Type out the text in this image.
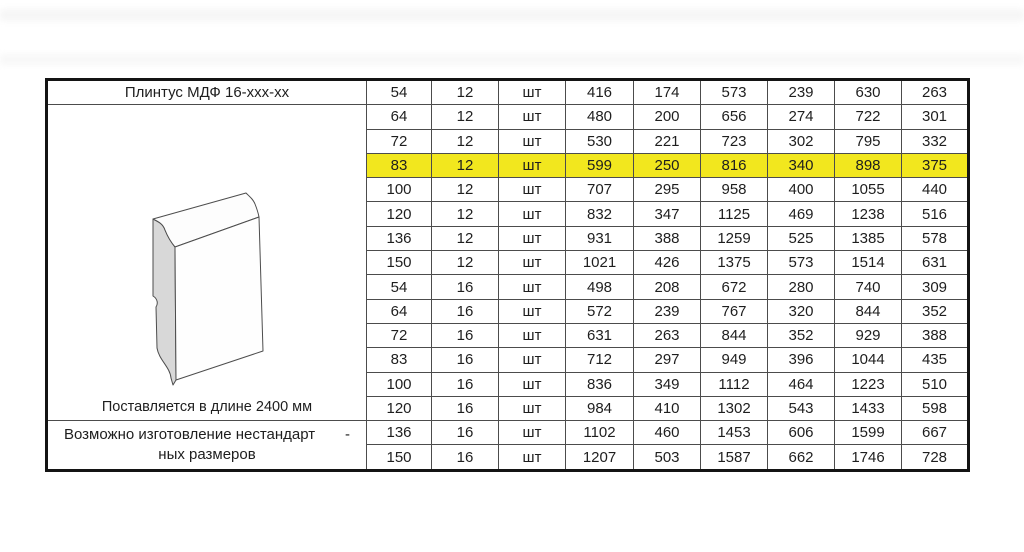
Плинтус МДФ 16-xxx-xx	54	12	шт	416	174	573	239	630	263

Поставляется в длине 2400 мм	64	12	шт	480	200	656	274	722	301
	72	12	шт	530	221	723	302	795	332
	83	12	шт	599	250	816	340	898	375
	100	12	шт	707	295	958	400	1055	440
	120	12	шт	832	347	1125	469	1238	516
	136	12	шт	931	388	1259	525	1385	578
	150	12	шт	1021	426	1375	573	1514	631
	54	16	шт	498	208	672	280	740	309
	64	16	шт	572	239	767	320	844	352
	72	16	шт	631	263	844	352	929	388
	83	16	шт	712	297	949	396	1044	435
	100	16	шт	836	349	1112	464	1223	510
	120	16	шт	984	410	1302	543	1433	598

Возможно изготовление нестандарт -
ных размеров	136	16	шт	1102	460	1453	606	1599	667
	150	16	шт	1207	503	1587	662	1746	728
